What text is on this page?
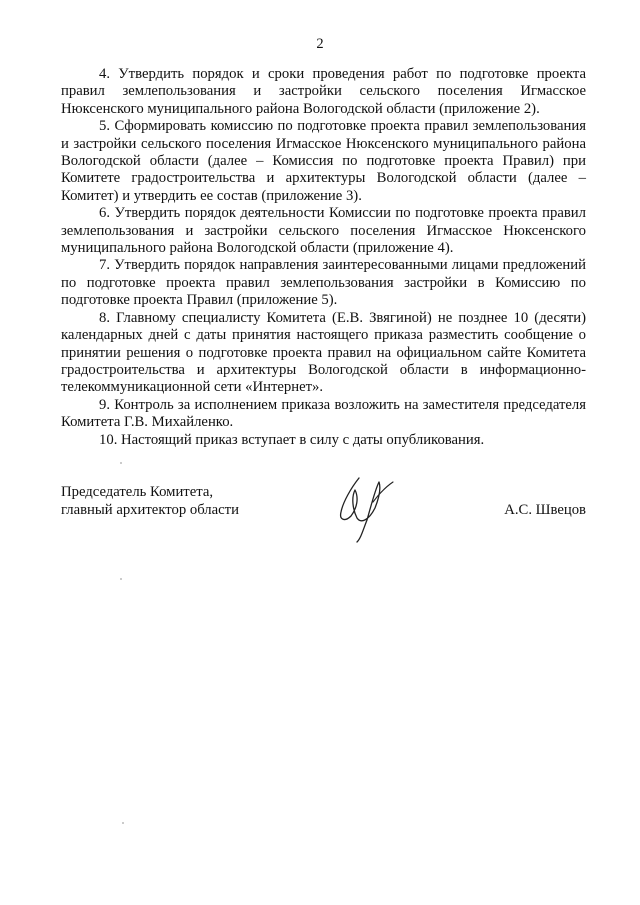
2

4. Утвердить порядок и сроки проведения работ по подготовке проекта правил землепользования и застройки сельского поселения Игмасское Нюксенского муниципального района Вологодской области (приложение 2).

5. Сформировать комиссию по подготовке проекта правил землепользования и застройки сельского поселения Игмасское Нюксенского муниципального района Вологодской области (далее – Комиссия по подготовке проекта Правил) при Комитете градостроительства и архитектуры Вологодской области (далее – Комитет) и утвердить ее состав (приложение 3).

6. Утвердить порядок деятельности Комиссии по подготовке проекта правил землепользования и застройки сельского поселения Игмасское Нюксенского муниципального района Вологодской области (приложение 4).

7. Утвердить порядок направления заинтересованными лицами предложений по подготовке проекта правил землепользования застройки в Комиссию по подготовке проекта Правил (приложение 5).

8. Главному специалисту Комитета (Е.В. Звягиной) не позднее 10 (десяти) календарных дней с даты принятия настоящего приказа разместить сообщение о принятии решения о подготовке проекта правил на официальном сайте Комитета градостроительства и архитектуры Вологодской области в информационно-телекоммуникационной сети «Интернет».

9. Контроль за исполнением приказа возложить на заместителя председателя Комитета Г.В. Михайленко.

10. Настоящий приказ вступает в силу с даты опубликования.

Председатель Комитета,
главный архитектор области	А.С. Швецов
